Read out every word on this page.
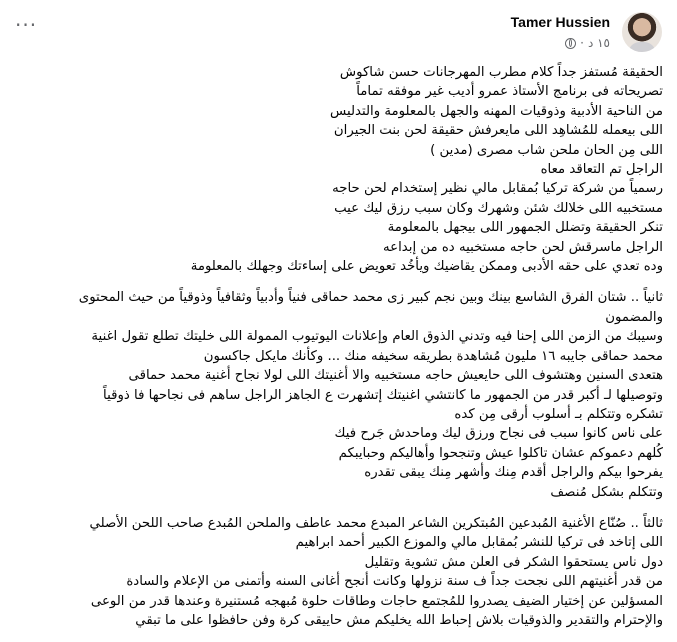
···	Tamer Hussien
· ١٥ د
الحقيقة مُستفز جداً كلام مطرب المهرجانات حسن شاكوش
تصريحاته فى برنامج الأستاذ عمرو أديب غير موفقه تماماً
من الناحية الأدبية وذوقيات المهنه والجهل بالمعلومة والتدليس
اللى بيعمله للمُشاهِد اللى مايعرفش حقيقة لحن بنت الجيران
اللى مِن الحان ملحن شاب مصرى (مدين )
الراجل تم التعاقد معاه
رسمياً من شركة تركيا بُمقابل مالي نظير إستخدام لحن حاجه
مستخبيه اللى خلالك شئن وشهرك وكان سبب رزق ليك عيب
تنكر الحقيقة وتضلل الجمهور اللى بيجهل بالمعلومة
الراجل ماسرقش لحن حاجه مستخبيه ده من إبداعه
وده تعدي على حقه الأدبى وممكن يقاضيك ويأخُد تعويض على إساءتك وجهلك بالمعلومة
ثانياً .. شتان الفرق الشاسع بينك وبين نجم كبير زى محمد حماقى فنياً وأدبياً وثقافياً وذوقياً من حيث المحتوى
والمضمون
وسيبك من الزمن اللى إحنا فيه وتدني الذوق العام وإعلانات اليوتيوب الممولة اللى خليتك تطلع تقول اغنية
محمد حماقى جايبه ١٦ مليون مُشاهدة بطريقه سخيفه منك ... وكأنك مايكل جاكسون
هتعدى السنين وهتشوف اللى حايعيش حاجه مستخبيه والا أغنيتك اللى لولا نجاح أغنية محمد حماقى
وتوصيلها لـ أكبر قدر من الجمهور ما كانتشي اغنيتك إتشهرت ع الجاهز الراجل ساهم فى نجاحها فا ذوقياً
تشكره وتتكلم بـ أسلوب أرقى مِن كده
على ناس كانوا سبب فى نجاح ورزق ليك وماحدش جَرح فيك
كُلهم دعموكم عشان تاكلوا عيش وتنجحوا وأهاليكم وحبايبكم
يفرحوا بيكم والراجل أقدم مِنك وأشهر مِنك يبقى تقدره
وتتكلم بشكل مُنصف
ثالثاً .. صُنّاع الأغنية المُبدعين المُبتكرين الشاعر المبدع محمد عاطف والملحن المُبدع صاحب اللحن الأصلي
اللى إتاخد فى تركيا للنشر بُمقابل مالي والموزع الكبير أحمد ابراهيم
دول ناس يستحقوا الشكر فى العلن مش تشوية وتقليل
من قدر أغنيتهم اللى نجحت جداً ف سنة نزولها وكانت أنجح أغانى السنه وأتمنى من الإعلام والسادة
المسؤلين عن إختيار الضيف يصدروا للمُجتمع حاجات وطاقات حلوة مُبهجه مُستنيرة وعندها قدر من الوعى
والإحترام والتقدير والذوقيات بلاش إحباط الله يخليكم مش حاييقى كرة وفن حافظوا على ما تبقي
